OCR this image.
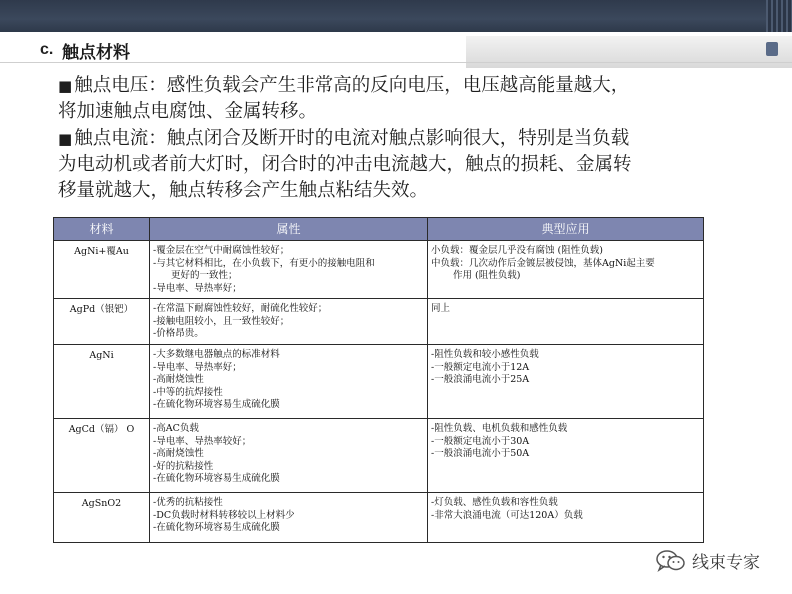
c. 触点材料
■ 触点电压：感性负载会产生非常高的反向电压，电压越高能量越大，
将加速触点电腐蚀、金属转移。
■ 触点电流：触点闭合及断开时的电流对触点影响很大，特别是当负载
为电动机或者前大灯时，闭合时的冲击电流越大，触点的损耗、金属转
移量就越大，触点转移会产生触点粘结失效。
材料	属性	典型应用
AgNi+覆Au	-覆金层在空气中耐腐蚀性较好；
-与其它材料相比，在小负载下，有更小的接触电阻和
更好的一致性；
-导电率、导热率好；	小负载：覆金层几乎没有腐蚀 (阻性负载)
中负载：几次动作后金镀层被侵蚀，基体AgNi起主要
作用 (阻性负载)

AgPd（银钯）	-在常温下耐腐蚀性较好，耐硫化性较好；
-接触电阻较小，且一致性较好；
-价格昂贵。	同上

AgNi	-大多数继电器触点的标准材料
-导电率、导热率好；
-高耐烧蚀性
-中等的抗焊接性
-在硫化物环境容易生成硫化膜	-阻性负载和较小感性负载
-一般额定电流小于12A
-一般浪涌电流小于25A

AgCd（镉） O	-高AC负载
-导电率、导热率较好；
-高耐烧蚀性
-好的抗粘接性
-在硫化物环境容易生成硫化膜	-阻性负载、电机负载和感性负载
-一般额定电流小于30A
-一般浪涌电流小于50A

AgSnO2	-优秀的抗粘接性
-DC负载时材料转移较以上材料少
-在硫化物环境容易生成硫化膜	-灯负载、感性负载和容性负载
-非常大浪涌电流（可达120A）负载
线束专家
